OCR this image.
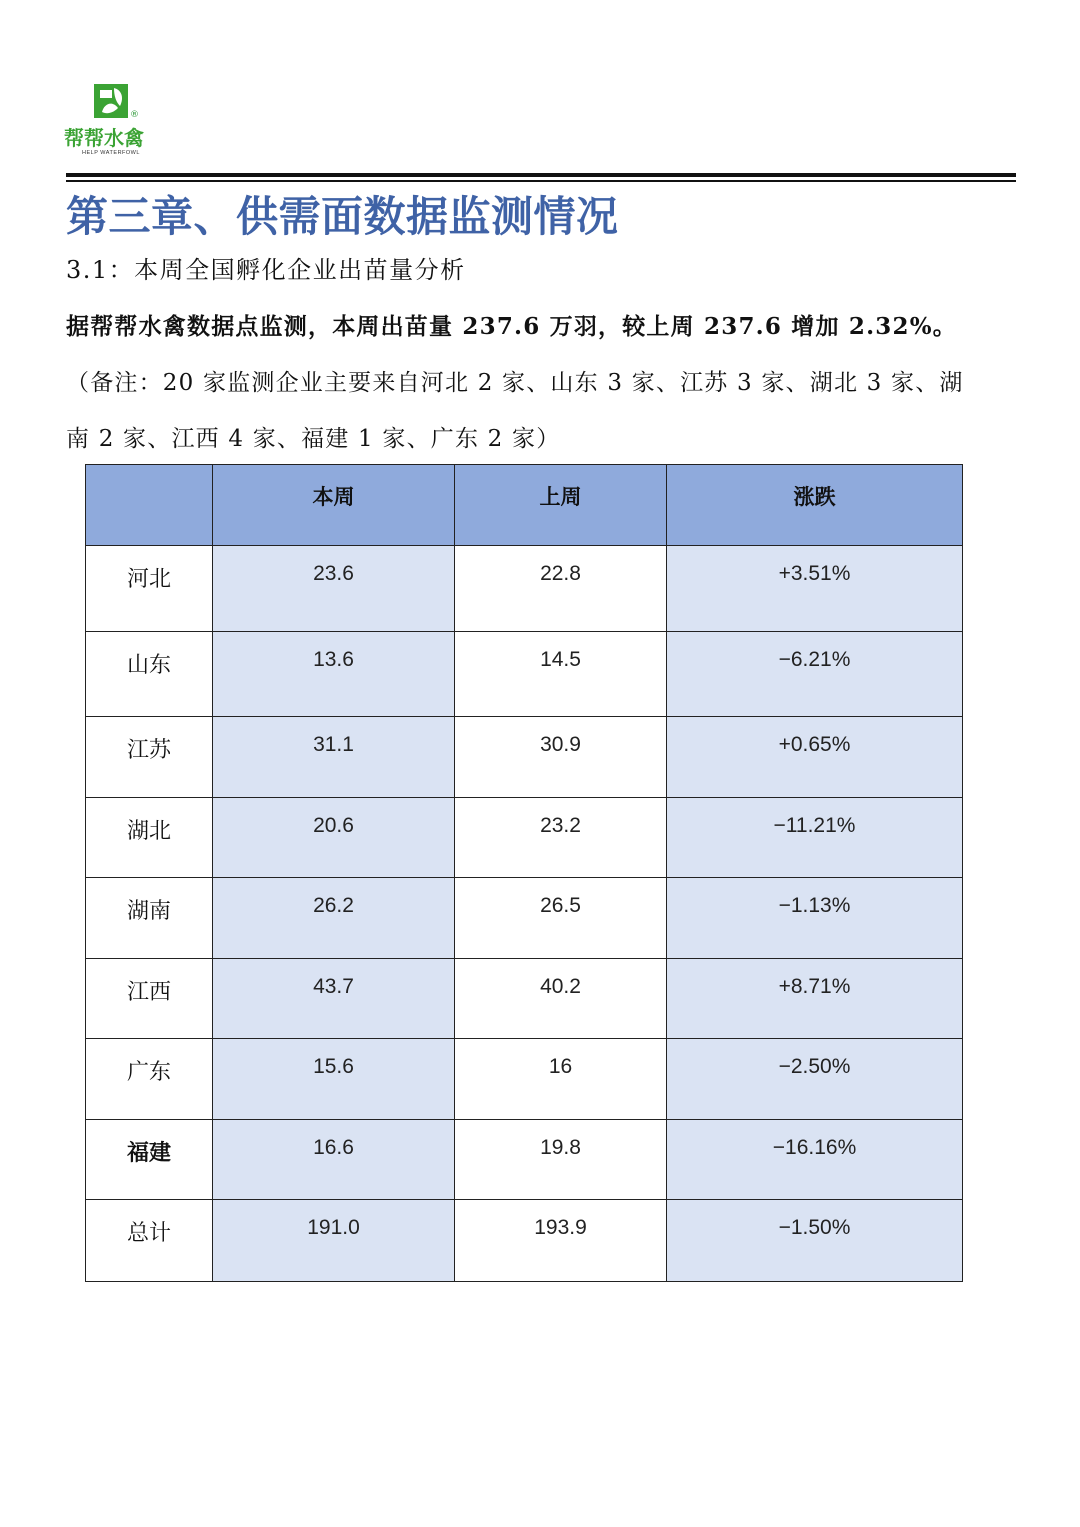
®
帮帮水禽
HELP WATERFOWL
第三章、供需面数据监测情况
3.1：本周全国孵化企业出苗量分析

据帮帮水禽数据点监测，本周出苗量 237.6 万羽，较上周 237.6 增加 2.32%。

（备注：20 家监测企业主要来自河北 2 家、山东 3 家、江苏 3 家、湖北 3 家、湖

南 2 家、江西 4 家、福建 1 家、广东 2 家）

	本周	上周	涨跌
河北	23.6	22.8	+3.51%
山东	13.6	14.5	−6.21%
江苏	31.1	30.9	+0.65%
湖北	20.6	23.2	−11.21%
湖南	26.2	26.5	−1.13%
江西	43.7	40.2	+8.71%
广东	15.6	16	−2.50%
福建	16.6	19.8	−16.16%
总计	191.0	193.9	−1.50%
